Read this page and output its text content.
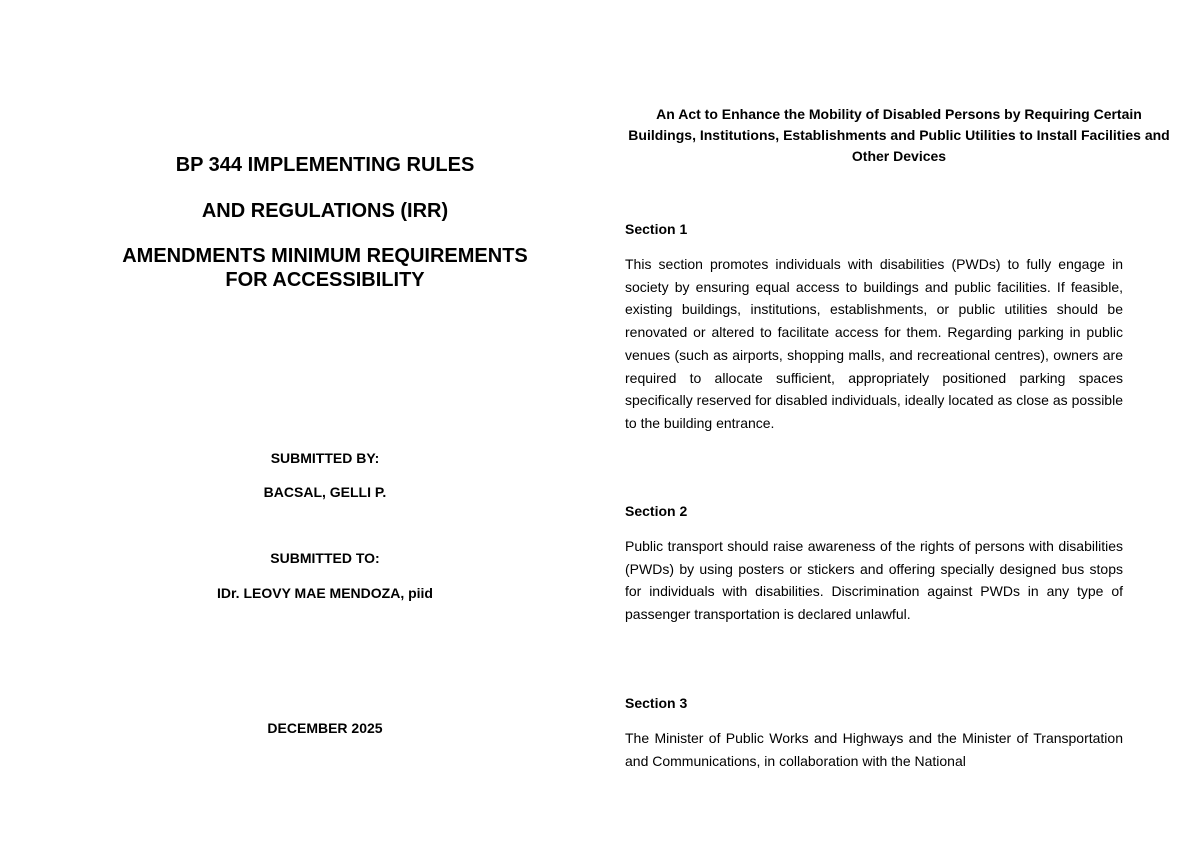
BP 344 IMPLEMENTING RULES

AND REGULATIONS (IRR)

AMENDMENTS MINIMUM REQUIREMENTS

FOR ACCESSIBILITY

SUBMITTED BY:
BACSAL, GELLI P.
SUBMITTED TO:
IDr. LEOVY MAE MENDOZA, piid
DECEMBER 2025
An Act to Enhance the Mobility of Disabled Persons by Requiring Certain Buildings, Institutions, Establishments and Public Utilities to Install Facilities and Other Devices
Section 1

This section promotes individuals with disabilities (PWDs) to fully engage in society by ensuring equal access to buildings and public facilities. If feasible, existing buildings, institutions, establishments, or public utilities should be renovated or altered to facilitate access for them. Regarding parking in public venues (such as airports, shopping malls, and recreational centres), owners are required to allocate sufficient, appropriately positioned parking spaces specifically reserved for disabled individuals, ideally located as close as possible to the building entrance.

Section 2

Public transport should raise awareness of the rights of persons with disabilities (PWDs) by using posters or stickers and offering specially designed bus stops for individuals with disabilities. Discrimination against PWDs in any type of passenger transportation is declared unlawful.

Section 3

The Minister of Public Works and Highways and the Minister of Transportation and Communications, in collaboration with the National
